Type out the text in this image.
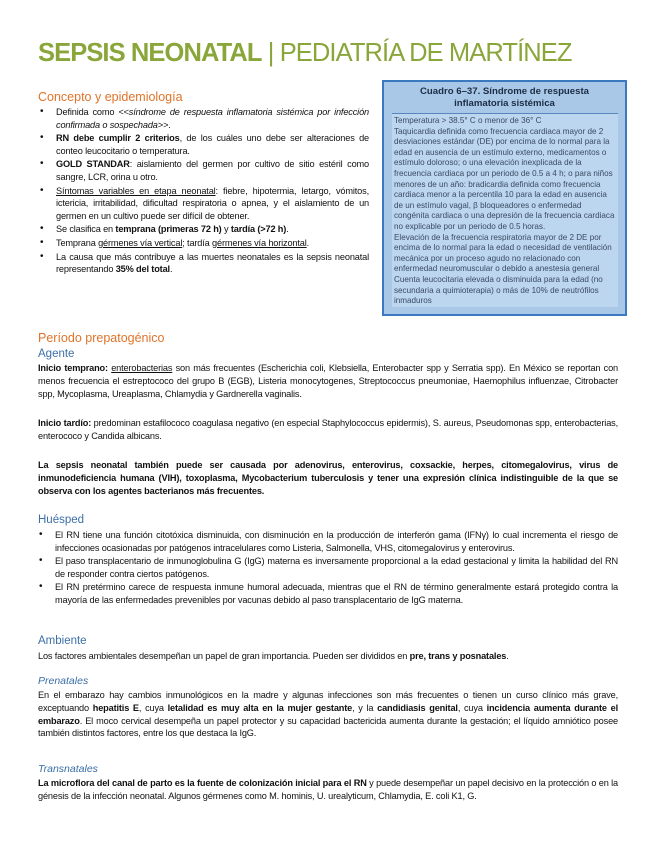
SEPSIS NEONATAL | PEDIATRÍA DE MARTÍNEZ
Concepto y epidemiología
• Definida como <<síndrome de respuesta inflamatoria sistémica por infección confirmada o sospechada>>.
• RN debe cumplir 2 criterios, de los cuáles uno debe ser alteraciones de conteo leucocitario o temperatura.
• GOLD STANDAR: aislamiento del germen por cultivo de sitio estéril como sangre, LCR, orina u otro.
• Síntomas variables en etapa neonatal: fiebre, hipotermia, letargo, vómitos, ictericia, irritabilidad, dificultad respiratoria o apnea, y el aislamiento de un germen en un cultivo puede ser difícil de obtener.
• Se clasifica en temprana (primeras 72 h) y tardía (>72 h).
• Temprana gérmenes vía vertical; tardía gérmenes vía horizontal.
• La causa que más contribuye a las muertes neonatales es la sepsis neonatal representando 35% del total.
Cuadro 6–37. Síndrome de respuesta
inflamatoria sistémica

Temperatura > 38.5° C o menor de 36° C

Taquicardia definida como frecuencia cardiaca mayor de 2 desviaciones estándar (DE) por encima de lo normal para la edad en ausencia de un estímulo externo, medicamentos o estímulo doloroso; o una elevación inexplicada de la frecuencia cardiaca por un periodo de 0.5 a 4 h; o para niños menores de un año: bradicardia definida como frecuencia cardiaca menor a la percentila 10 para la edad en ausencia de un estímulo vagal, β bloqueadores o enfermedad congénita cardiaca o una depresión de la frecuencia cardiaca no explicable por un periodo de 0.5 horas.

Elevación de la frecuencia respiratoria mayor de 2 DE por encima de lo normal para la edad o necesidad de ventilación mecánica por un proceso agudo no relacionado con enfermedad neuromuscular o debido a anestesia general

Cuenta leucocitaria elevada o disminuida para la edad (no secundaria a quimioterapia) o más de 10% de neutrófilos inmaduros

Período prepatogénico
Agente
Inicio temprano: enterobacterias son más frecuentes (Escherichia coli, Klebsiella, Enterobacter spp y Serratia spp). En México se reportan con menos frecuencia el estreptococo del grupo B (EGB), Listeria monocytogenes, Streptococcus pneumoniae, Haemophilus influenzae, Citrobacter spp, Mycoplasma, Ureaplasma, Chlamydia y Gardnerella vaginalis.
Inicio tardío: predominan estafilococo coagulasa negativo (en especial Staphylococcus epidermis), S. aureus, Pseudomonas spp, enterobacterias, enterococo y Candida albicans.
La sepsis neonatal también puede ser causada por adenovirus, enterovirus, coxsackie, herpes, citomegalovirus, virus de inmunodeficiencia humana (VIH), toxoplasma, Mycobacterium tuberculosis y tener una expresión clínica indistinguible de la que se observa con los agentes bacterianos más frecuentes.
Huésped
• El RN tiene una función citotóxica disminuida, con disminución en la producción de interferón gama (IFNγ) lo cual incrementa el riesgo de infecciones ocasionadas por patógenos intracelulares como Listeria, Salmonella, VHS, citomegalovirus y enterovirus.
• El paso transplacentario de inmunoglobulina G (IgG) materna es inversamente proporcional a la edad gestacional y limita la habilidad del RN de responder contra ciertos patógenos.
• El RN pretérmino carece de respuesta inmune humoral adecuada, mientras que el RN de término generalmente estará protegido contra la mayoría de las enfermedades prevenibles por vacunas debido al paso transplacentario de IgG materna.
Ambiente
Los factores ambientales desempeñan un papel de gran importancia. Pueden ser divididos en pre, trans y posnatales.
Prenatales
En el embarazo hay cambios inmunológicos en la madre y algunas infecciones son más frecuentes o tienen un curso clínico más grave, exceptuando hepatitis E, cuya letalidad es muy alta en la mujer gestante, y la candidiasis genital, cuya incidencia aumenta durante el embarazo. El moco cervical desempeña un papel protector y su capacidad bactericida aumenta durante la gestación; el líquido amniótico posee también distintos factores, entre los que destaca la IgG.
Transnatales
La microflora del canal de parto es la fuente de colonización inicial para el RN y puede desempeñar un papel decisivo en la protección o en la génesis de la infección neonatal. Algunos gérmenes como M. hominis, U. urealyticum, Chlamydia, E. coli K1, G.
